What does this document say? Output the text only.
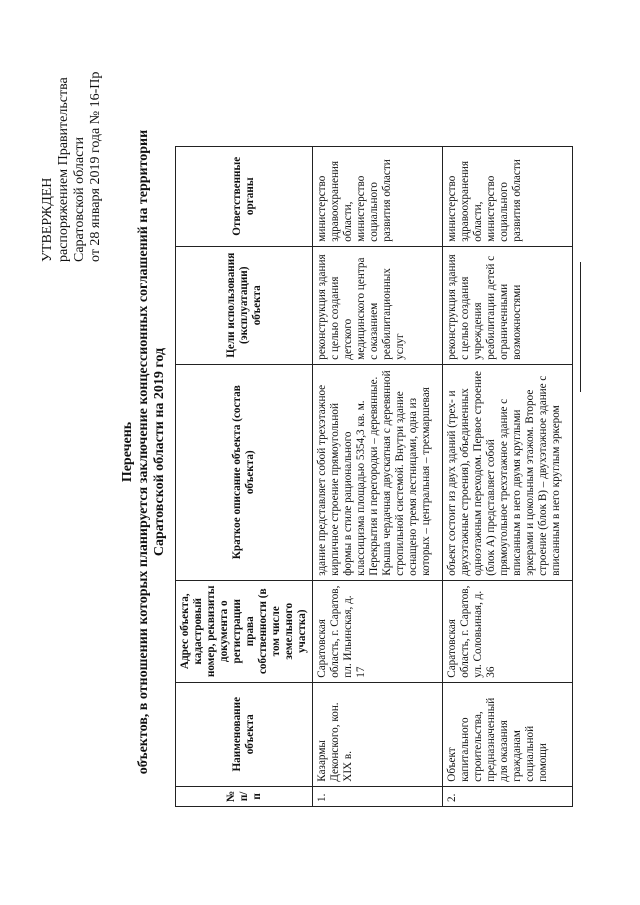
УТВЕРЖДЕН распоряжением Правительства Саратовской области от 28 января 2019 года № 16-Пр
Перечень объектов, в отношении которых планируется заключение концессионных соглашений на территории Саратовской области на 2019 год
№ п/п	Наименование объекта	Адрес объекта, кадастровый номер, реквизиты документа о регистрации права собственности (в том числе земельного участка)	Краткое описание объекта (состав объекта)	Цели использования (эксплуатации) объекта	Ответственные органы
1.	Казармы Деконского, кон. XIX в.	Саратовская область, г. Саратов, пл. Ильинская, д. 17	здание представляет собой трехэтажное кирпичное строение прямоугольной формы в стиле рационального классицизма площадью 5354,3 кв. м. Перекрытия и перегородки – деревянные. Крыша чердачная двускатная с деревянной стропильной системой. Внутри здание оснащено тремя лестницами, одна из которых – центральная – трехмаршевая	реконструкция здания с целью создания детского медицинского центра с оказанием реабилитационных услуг	министерство здравоохранения области, министерство социального развития области
2.	Объект капитального строительства, предназначенный для оказания гражданам социальной помощи	Саратовская область, г. Саратов, ул. Соловьиная, д. 36	объект состоит из двух зданий (трех- и двухэтажные строения), объединенных одноэтажным переходом. Первое строение (блок А) представляет собой прямоугольное трехэтажное здание с вписанным в него двумя круглыми эркерами и цокольным этажом. Второе строение (блок В) – двухэтажное здание с вписанным в него круглым эркером	реконструкция здания с целью создания учреждения реабилитации детей с ограниченными возможностями	министерство здравоохранения области, министерство социального развития области
